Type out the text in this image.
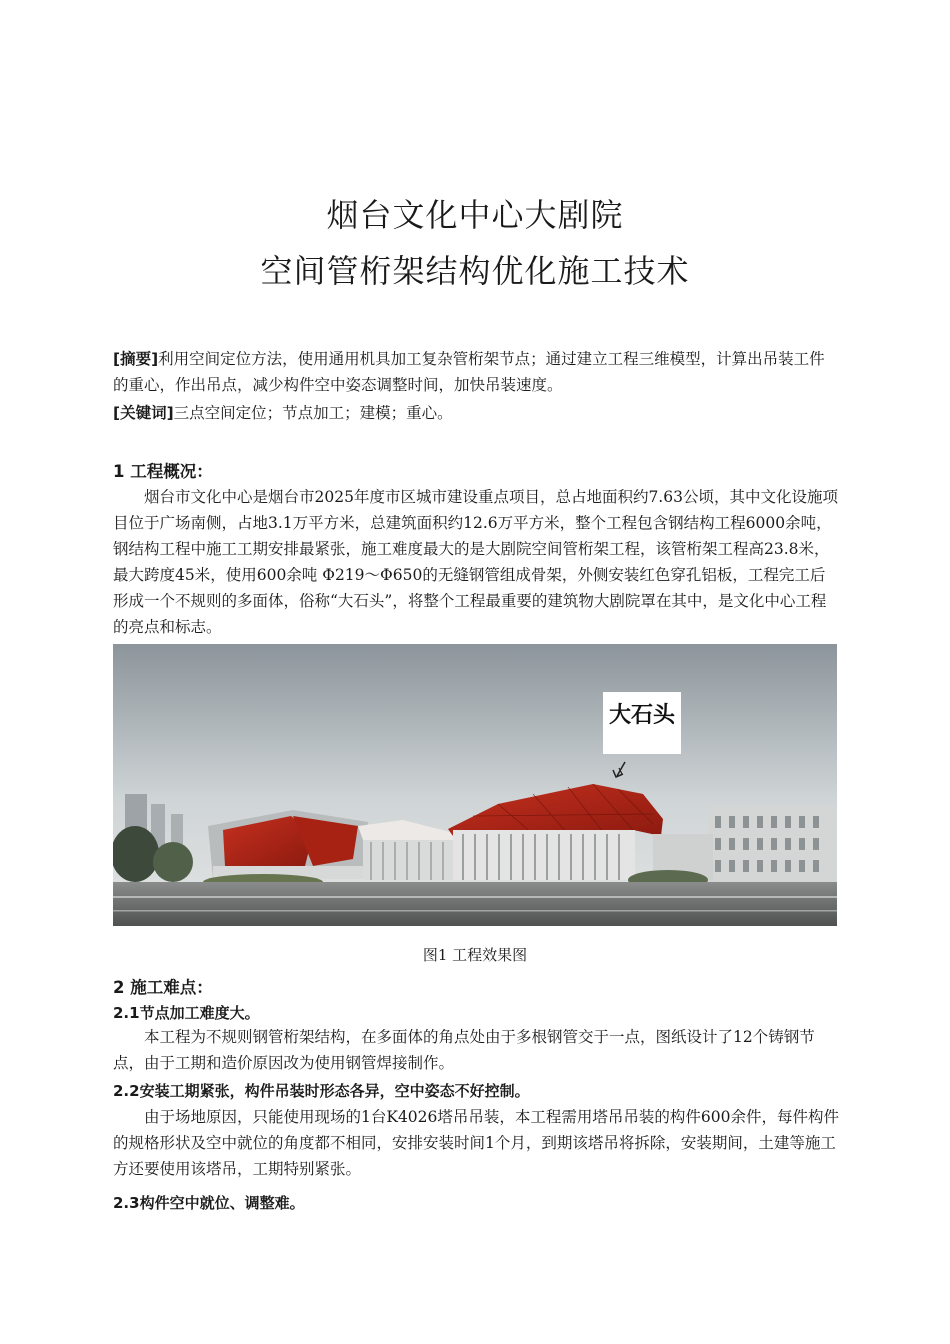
烟台文化中心大剧院
空间管桁架结构优化施工技术

[摘要]利用空间定位方法，使用通用机具加工复杂管桁架节点；通过建立工程三维模型，计算出吊装工件的重心，作出吊点，减少构件空中姿态调整时间，加快吊装速度。

[关键词]三点空间定位；节点加工；建模；重心。

1 工程概况：

烟台市文化中心是烟台市2025年度市区城市建设重点项目，总占地面积约7.63公顷，其中文化设施项目位于广场南侧，占地3.1万平方米，总建筑面积约12.6万平方米，整个工程包含钢结构工程6000余吨，钢结构工程中施工工期安排最紧张，施工难度最大的是大剧院空间管桁架工程，该管桁架工程高23.8米，最大跨度45米，使用600余吨 Φ219～Φ650的无缝钢管组成骨架，外侧安装红色穿孔铝板，工程完工后形成一个不规则的多面体，俗称“大石头”，将整个工程最重要的建筑物大剧院罩在其中，是文化中心工程的亮点和标志。

大石头
图1 工程效果图
2 施工难点：
2.1节点加工难度大。

本工程为不规则钢管桁架结构，在多面体的角点处由于多根钢管交于一点，图纸设计了12个铸钢节点，由于工期和造价原因改为使用钢管焊接制作。

2.2安装工期紧张，构件吊装时形态各异，空中姿态不好控制。

由于场地原因，只能使用现场的1台K4026塔吊吊装，本工程需用塔吊吊装的构件600余件，每件构件的规格形状及空中就位的角度都不相同，安排安装时间1个月，到期该塔吊将拆除，安装期间，土建等施工方还要使用该塔吊，工期特别紧张。

2.3构件空中就位、调整难。
